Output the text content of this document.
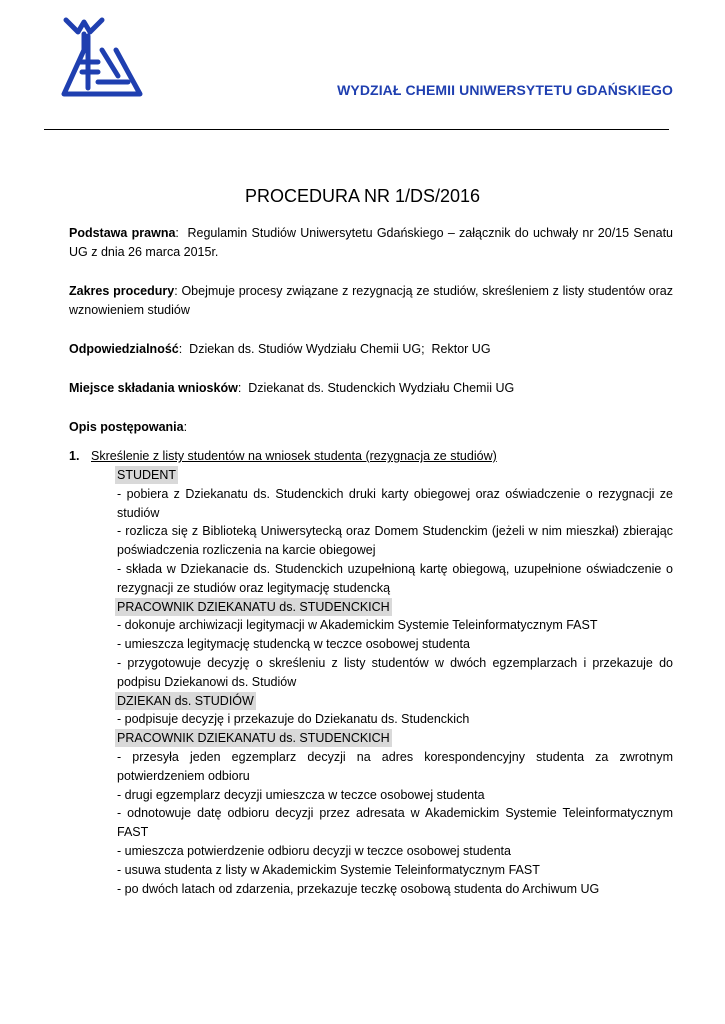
WYDZIAŁ CHEMII UNIWERSYTETU GDAŃSKIEGO
PROCEDURA NR 1/DS/2016
Podstawa prawna:  Regulamin Studiów Uniwersytetu Gdańskiego – załącznik do uchwały nr 20/15 Senatu UG z dnia 26 marca 2015r.
Zakres procedury: Obejmuje procesy związane z rezygnacją ze studiów, skreśleniem z listy studentów oraz wznowieniem studiów
Odpowiedzialność:  Dziekan ds. Studiów Wydziału Chemii UG;  Rektor UG
Miejsce składania wniosków:  Dziekanat ds. Studenckich Wydziału Chemii UG
Opis postępowania:
1. Skreślenie z listy studentów na wniosek studenta (rezygnacja ze studiów)
STUDENT
- pobiera z Dziekanatu ds. Studenckich druki karty obiegowej oraz oświadczenie o rezygnacji ze studiów
- rozlicza się z Biblioteką Uniwersytecką oraz Domem Studenckim (jeżeli w nim mieszkał) zbierając poświadczenia rozliczenia na karcie obiegowej
- składa w Dziekanacie ds. Studenckich uzupełnioną kartę obiegową, uzupełnione oświadczenie o rezygnacji ze studiów oraz legitymację studencką
PRACOWNIK DZIEKANATU ds. STUDENCKICH
- dokonuje archiwizacji legitymacji w Akademickim Systemie Teleinformatycznym FAST
- umieszcza legitymację studencką w teczce osobowej studenta
- przygotowuje decyzję o skreśleniu z listy studentów w dwóch egzemplarzach i przekazuje do podpisu Dziekanowi ds. Studiów
DZIEKAN ds. STUDIÓW
- podpisuje decyzję i przekazuje do Dziekanatu ds. Studenckich
PRACOWNIK DZIEKANATU ds. STUDENCKICH
- przesyła jeden egzemplarz decyzji na adres korespondencyjny studenta za zwrotnym potwierdzeniem odbioru
- drugi egzemplarz decyzji umieszcza w teczce osobowej studenta
- odnotowuje datę odbioru decyzji przez adresata w Akademickim Systemie Teleinformatycznym FAST
- umieszcza potwierdzenie odbioru decyzji w teczce osobowej studenta
- usuwa studenta z listy w Akademickim Systemie Teleinformatycznym FAST
- po dwóch latach od zdarzenia, przekazuje teczkę osobową studenta do Archiwum UG
